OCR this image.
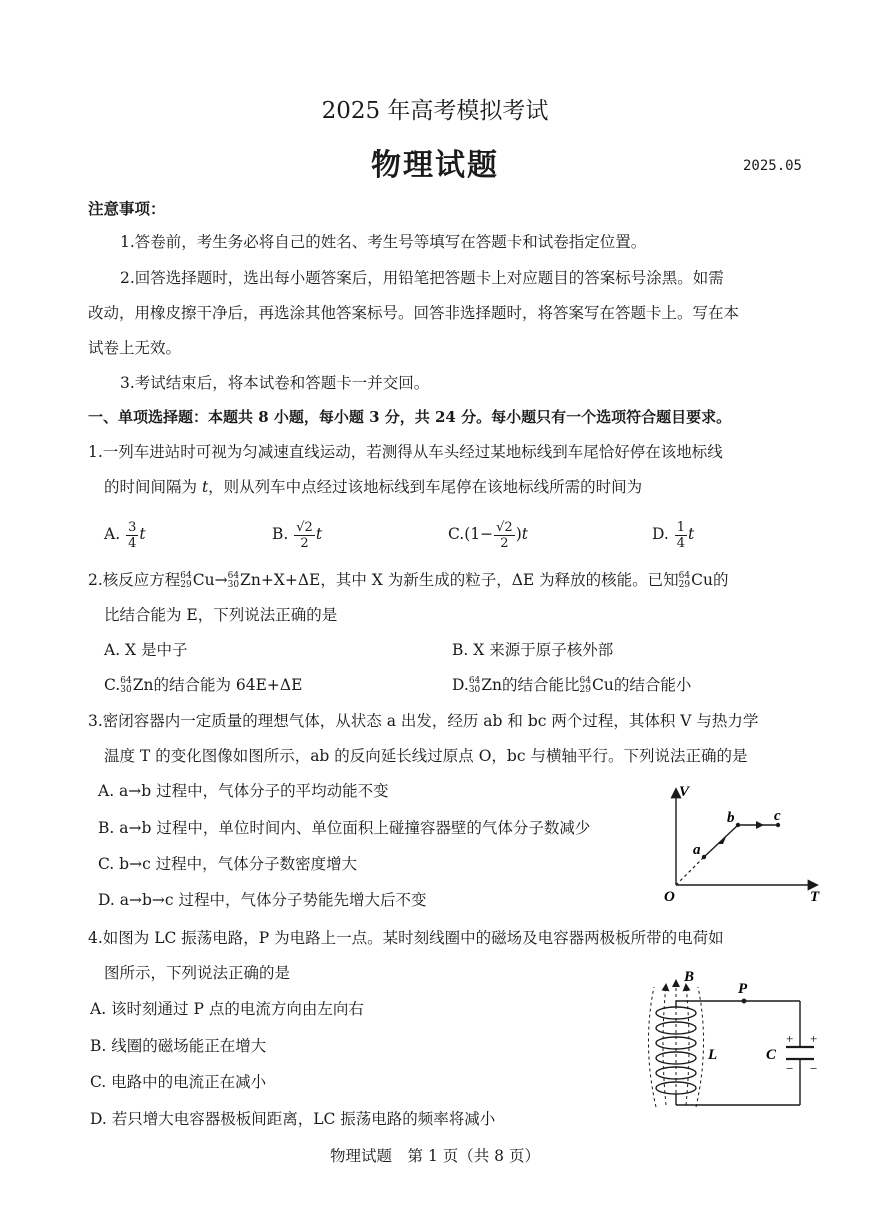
2025 年高考模拟考试
物理试题	2025.05
注意事项：
1.答卷前，考生务必将自己的姓名、考生号等填写在答题卡和试卷指定位置。
2.回答选择题时，选出每小题答案后，用铅笔把答题卡上对应题目的答案标号涂黑。如需
改动，用橡皮擦干净后，再选涂其他答案标号。回答非选择题时，将答案写在答题卡上。写在本
试卷上无效。
3.考试结束后，将本试卷和答题卡一并交回。
一、单项选择题：本题共 8 小题，每小题 3 分，共 24 分。每小题只有一个选项符合题目要求。
1.一列车进站时可视为匀减速直线运动，若测得从车头经过某地标线到车尾恰好停在该地标线
的时间间隔为 t，则从列车中点经过该地标线到车尾停在该地标线所需的时间为
A. $\frac{3}{4}$ t	B. $\frac{√2}{2}$ t	$C.(1- \frac{√2}{2} )t$	D. $\frac{1}{4}$ t
2.核反应方程 64
29 Cu→ 64
30 Zn+X+ΔE，其中 X 为新生成的粒子，ΔE 为释放的核能。已知 64
29 Cu的
比结合能为 E，下列说法正确的是
A. X 是中子	B. X 来源于原子核外部
C. 64
30 Zn的结合能为 64E+ΔE	D. 64
30 Zn的结合能比 64
29 Cu的结合能小
3.密闭容器内一定质量的理想气体，从状态 a 出发，经历 ab 和 bc 两个过程，其体积 V 与热力学
温度 T 的变化图像如图所示，ab 的反向延长线过原点 O，bc 与横轴平行。下列说法正确的是
A. a→b 过程中，气体分子的平均动能不变
B. a→b 过程中，单位时间内、单位面积上碰撞容器壁的气体分子数减少
C. b→c 过程中，气体分子数密度增大
D. a→b→c 过程中，气体分子势能先增大后不变
V
T
O
a
b	c
4.如图为 LC 振荡电路，P 为电路上一点。某时刻线圈中的磁场及电容器两极板所带的电荷如
图所示，下列说法正确的是
A. 该时刻通过 P 点的电流方向由左向右
B. 线圈的磁场能正在增大
C. 电路中的电流正在减小
D. 若只增大电容器极板间距离，LC 振荡电路的频率将减小
B
P
L	C
+ +
− −
物理试题　第 1 页（共 8 页）
